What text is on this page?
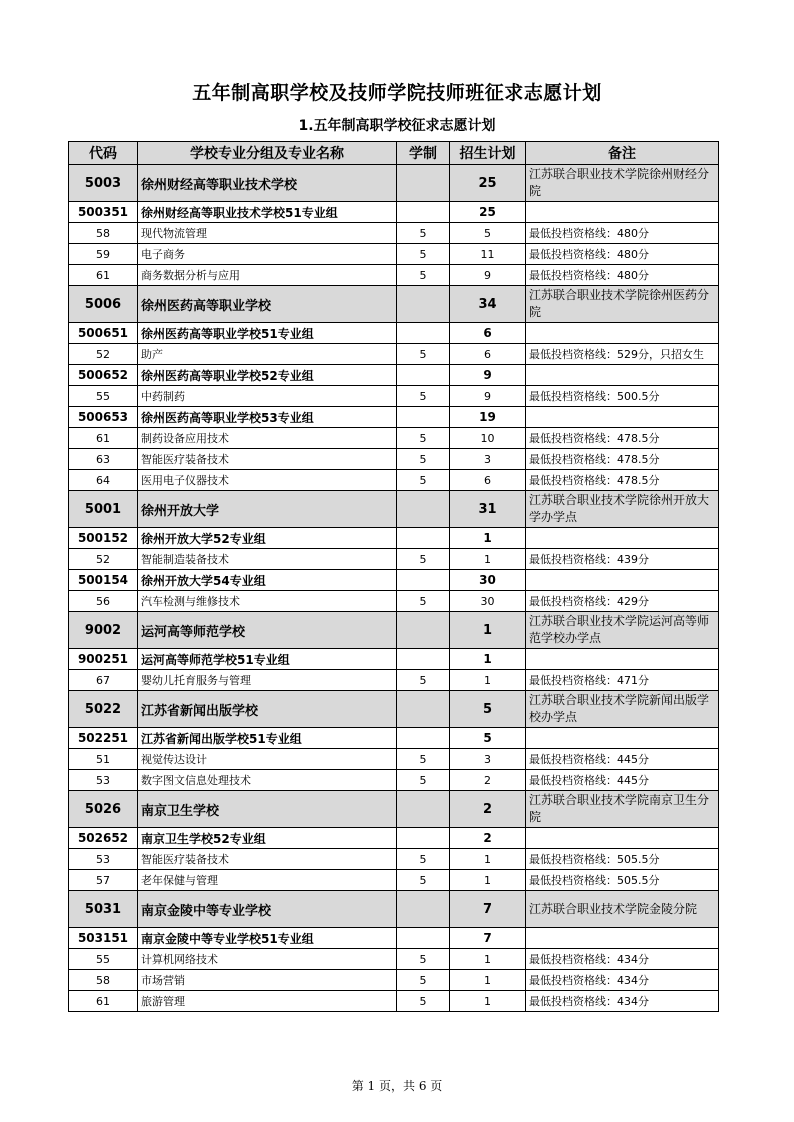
五年制高职学校及技师学院技师班征求志愿计划
1.五年制高职学校征求志愿计划
代码	学校专业分组及专业名称	学制	招生计划	备注
5003	徐州财经高等职业技术学校		25	江苏联合职业技术学院徐州财经分院
500351	徐州财经高等职业技术学校51专业组		25	
58	现代物流管理	5	5	最低投档资格线：480分
59	电子商务	5	11	最低投档资格线：480分
61	商务数据分析与应用	5	9	最低投档资格线：480分
5006	徐州医药高等职业学校		34	江苏联合职业技术学院徐州医药分院
500651	徐州医药高等职业学校51专业组		6	
52	助产	5	6	最低投档资格线：529分，只招女生
500652	徐州医药高等职业学校52专业组		9	
55	中药制药	5	9	最低投档资格线：500.5分
500653	徐州医药高等职业学校53专业组		19	
61	制药设备应用技术	5	10	最低投档资格线：478.5分
63	智能医疗装备技术	5	3	最低投档资格线：478.5分
64	医用电子仪器技术	5	6	最低投档资格线：478.5分
5001	徐州开放大学		31	江苏联合职业技术学院徐州开放大学办学点
500152	徐州开放大学52专业组		1	
52	智能制造装备技术	5	1	最低投档资格线：439分
500154	徐州开放大学54专业组		30	
56	汽车检测与维修技术	5	30	最低投档资格线：429分
9002	运河高等师范学校		1	江苏联合职业技术学院运河高等师范学校办学点
900251	运河高等师范学校51专业组		1	
67	婴幼儿托育服务与管理	5	1	最低投档资格线：471分
5022	江苏省新闻出版学校		5	江苏联合职业技术学院新闻出版学校办学点
502251	江苏省新闻出版学校51专业组		5	
51	视觉传达设计	5	3	最低投档资格线：445分
53	数字图文信息处理技术	5	2	最低投档资格线：445分
5026	南京卫生学校		2	江苏联合职业技术学院南京卫生分院
502652	南京卫生学校52专业组		2	
53	智能医疗装备技术	5	1	最低投档资格线：505.5分
57	老年保健与管理	5	1	最低投档资格线：505.5分
5031	南京金陵中等专业学校		7	江苏联合职业技术学院金陵分院
503151	南京金陵中等专业学校51专业组		7	
55	计算机网络技术	5	1	最低投档资格线：434分
58	市场营销	5	1	最低投档资格线：434分
61	旅游管理	5	1	最低投档资格线：434分
第 1 页，共 6 页
